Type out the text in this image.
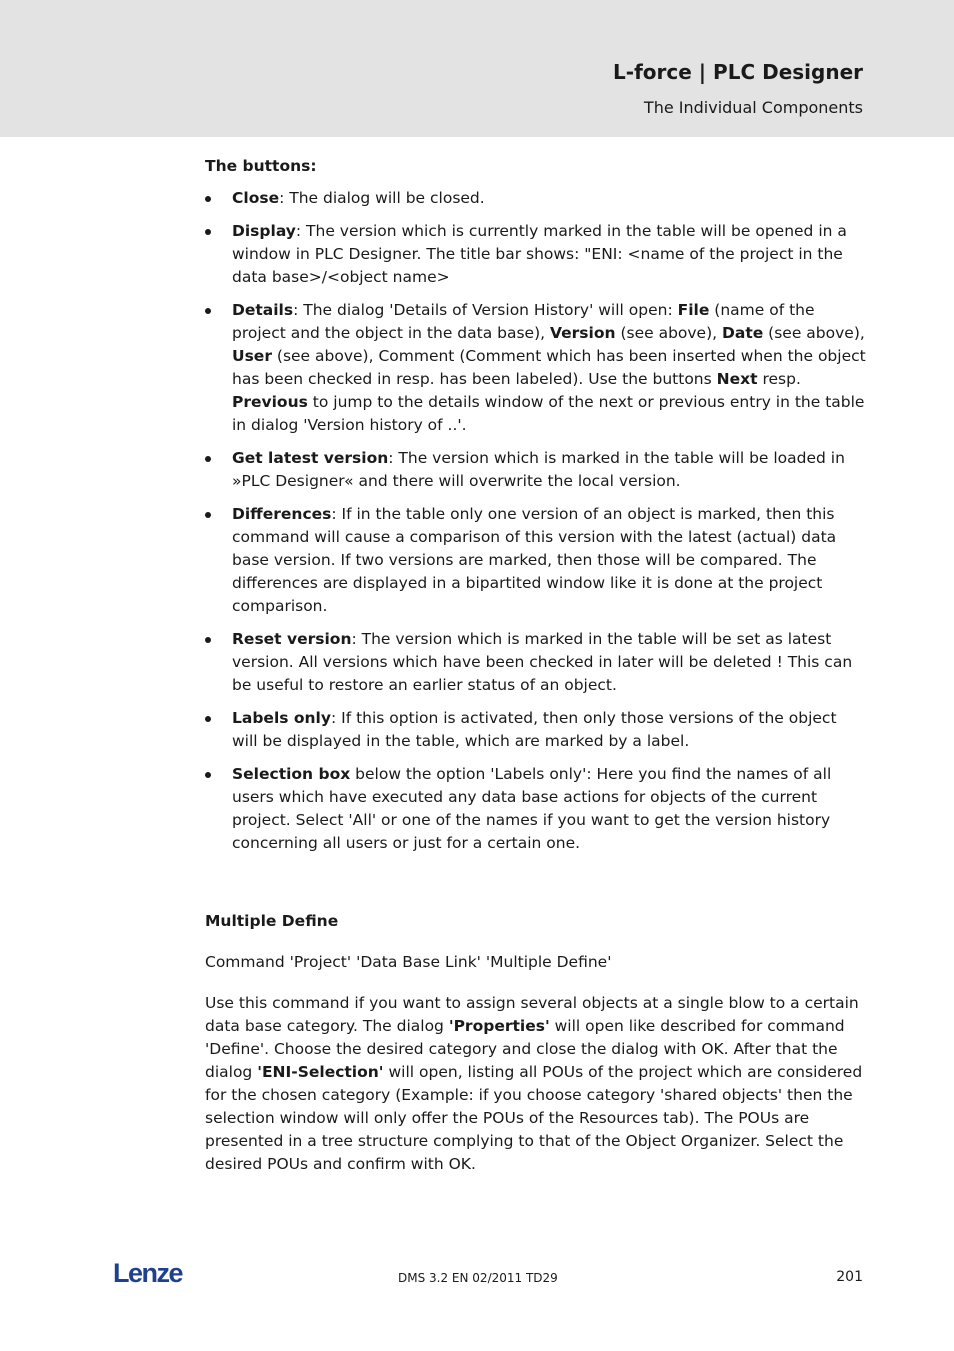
L-force | PLC Designer
The Individual Components

The buttons:

Close: The dialog will be closed.
Display: The version which is currently marked in the table will be opened in a window in PLC Designer. The title bar shows: "ENI: <name of the project in the data base>/<object name>
Details: The dialog 'Details of Version History' will open: File (name of the project and the object in the data base), Version (see above), Date (see above), User (see above), Comment (Comment which has been inserted when the object has been checked in resp. has been labeled). Use the buttons Next resp. Previous to jump to the details window of the next or previous entry in the table in dialog 'Version history of ..'.
Get latest version: The version which is marked in the table will be loaded in »PLC Designer« and there will overwrite the local version.
Differences: If in the table only one version of an object is marked, then this command will cause a comparison of this version with the latest (actual) data base version. If two versions are marked, then those will be compared. The differences are displayed in a bipartited window like it is done at the project comparison.
Reset version: The version which is marked in the table will be set as latest version. All versions which have been checked in later will be deleted ! This can be useful to restore an earlier status of an object.
Labels only: If this option is activated, then only those versions of the object will be displayed in the table, which are marked by a label.
Selection box below the option 'Labels only': Here you find the names of all users which have executed any data base actions for objects of the current project. Select 'All' or one of the names if you want to get the version history concerning all users or just for a certain one.

Multiple Define

Command 'Project' 'Data Base Link' 'Multiple Define'

Use this command if you want to assign several objects at a single blow to a certain data base category. The dialog 'Properties' will open like described for command 'Define'. Choose the desired category and close the dialog with OK. After that the dialog 'ENI-Selection' will open, listing all POUs of the project which are considered for the chosen category (Example: if you choose category 'shared objects' then the selection window will only offer the POUs of the Resources tab). The POUs are presented in a tree structure complying to that of the Object Organizer. Select the desired POUs and confirm with OK.

Lenze	DMS 3.2 EN 02/2011 TD29	201
